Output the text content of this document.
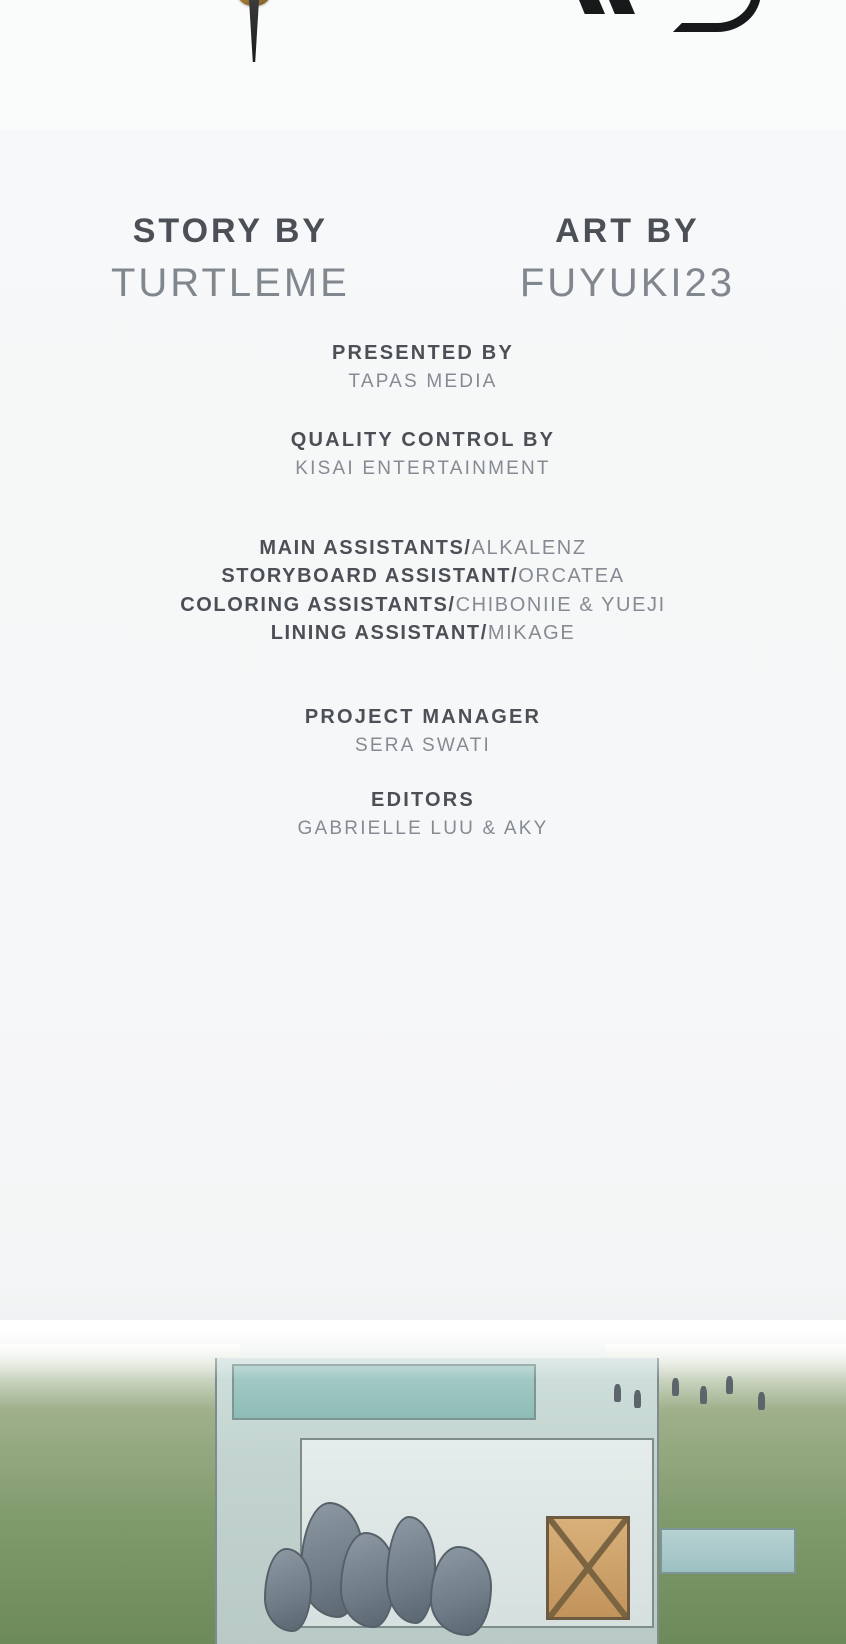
STORY BY
TURTLEME
ART BY
FUYUKI23
PRESENTED BY
TAPAS MEDIA
QUALITY CONTROL BY
KISAI ENTERTAINMENT
MAIN ASSISTANTS/ALKALENZ
STORYBOARD ASSISTANT/ORCATEA
COLORING ASSISTANTS/CHIBONIIE & YUEJI
LINING ASSISTANT/MIKAGE
PROJECT MANAGER
SERA SWATI
EDITORS
GABRIELLE LUU & AKY
